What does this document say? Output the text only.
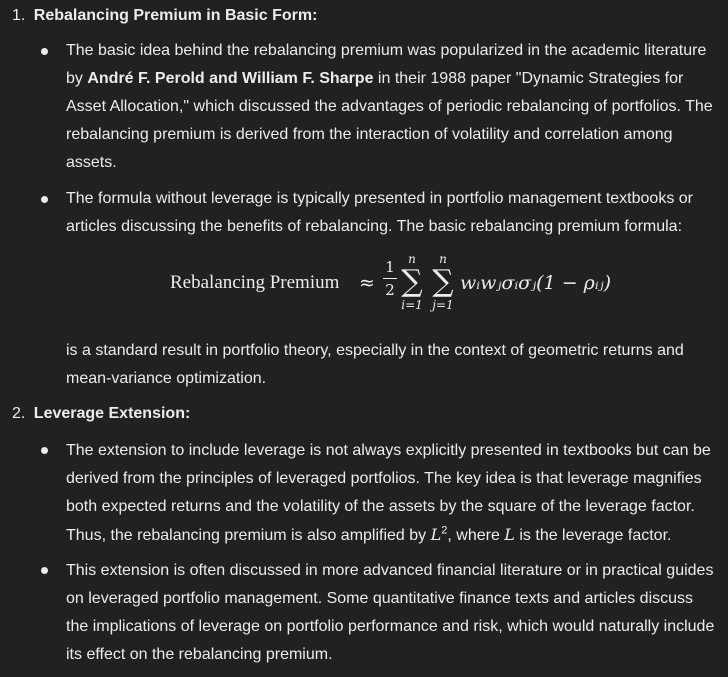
1. Rebalancing Premium in Basic Form:

The basic idea behind the rebalancing premium was popularized in the academic literature by André F. Perold and William F. Sharpe in their 1988 paper "Dynamic Strategies for Asset Allocation," which discussed the advantages of periodic rebalancing of portfolios. The rebalancing premium is derived from the interaction of volatility and correlation among assets.

The formula without leverage is typically presented in portfolio management textbooks or articles discussing the benefits of rebalancing. The basic rebalancing premium formula:

Rebalancing Premium ≈
1
2
n
∑
i=1
n
∑
j=1
wᵢwⱼσᵢσⱼ(1 − ρᵢⱼ)

is a standard result in portfolio theory, especially in the context of geometric returns and mean-variance optimization.

2. Leverage Extension:

The extension to include leverage is not always explicitly presented in textbooks but can be derived from the principles of leveraged portfolios. The key idea is that leverage magnifies both expected returns and the volatility of the assets by the square of the leverage factor. Thus, the rebalancing premium is also amplified by $L^2$, where L is the leverage factor.

This extension is often discussed in more advanced financial literature or in practical guides on leveraged portfolio management. Some quantitative finance texts and articles discuss the implications of leverage on portfolio performance and risk, which would naturally include its effect on the rebalancing premium.
